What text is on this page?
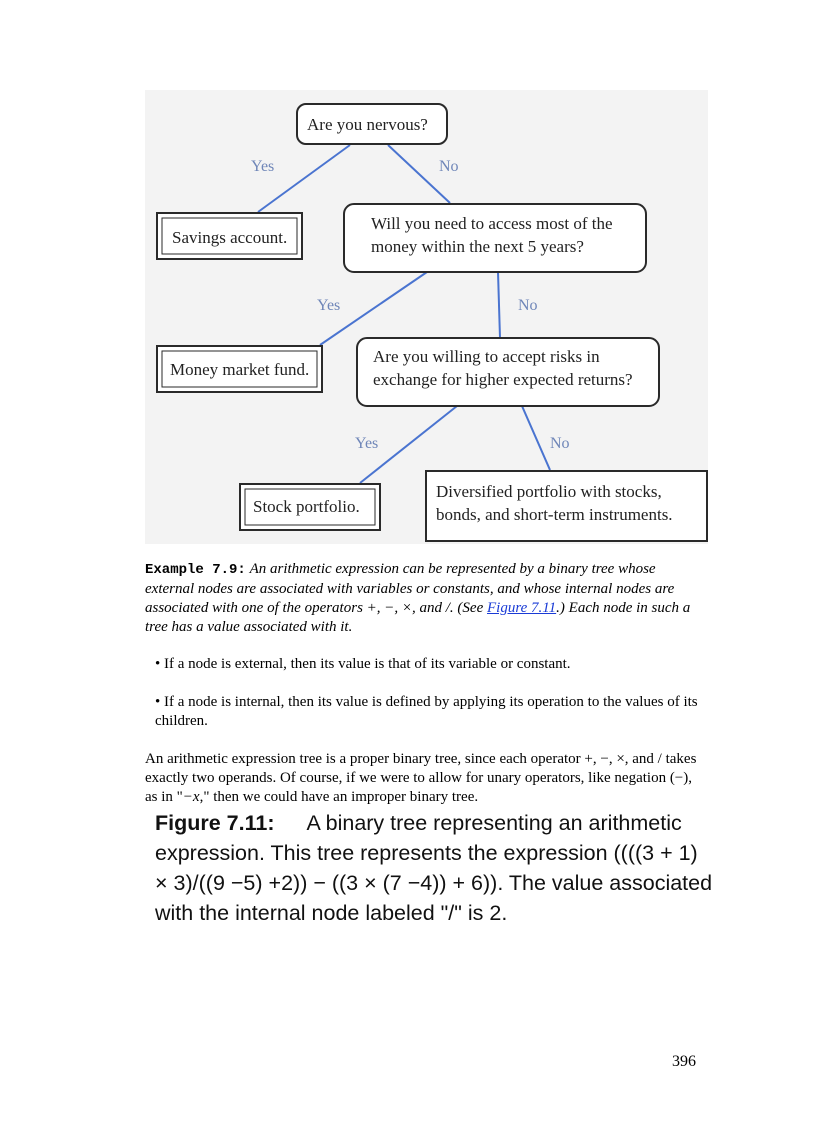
Yes	No
Yes	No
Yes	No
Are you nervous?
Savings account.
Will you need to access most of the
money within the next 5 years?
Money market fund.
Are you willing to accept risks in
exchange for higher expected returns?
Stock portfolio.
Diversified portfolio with stocks,
bonds, and short-term instruments.
Example 7.9: An arithmetic expression can be represented by a binary tree whose external nodes are associated with variables or constants, and whose internal nodes are associated with one of the operators +, −, ×, and /. (See Figure 7.11.) Each node in such a tree has a value associated with it.
• If a node is external, then its value is that of its variable or constant.
• If a node is internal, then its value is defined by applying its operation to the values of its children.
An arithmetic expression tree is a proper binary tree, since each operator +, −, ×, and / takes exactly two operands. Of course, if we were to allow for unary operators, like negation (−), as in "−x," then we could have an improper binary tree.
Figure 7.11: A binary tree representing an arithmetic expression. This tree represents the expression ((((3 + 1) × 3)/((9 −5) +2)) − ((3 × (7 −4)) + 6)). The value associated with the internal node labeled "/" is 2.
396
